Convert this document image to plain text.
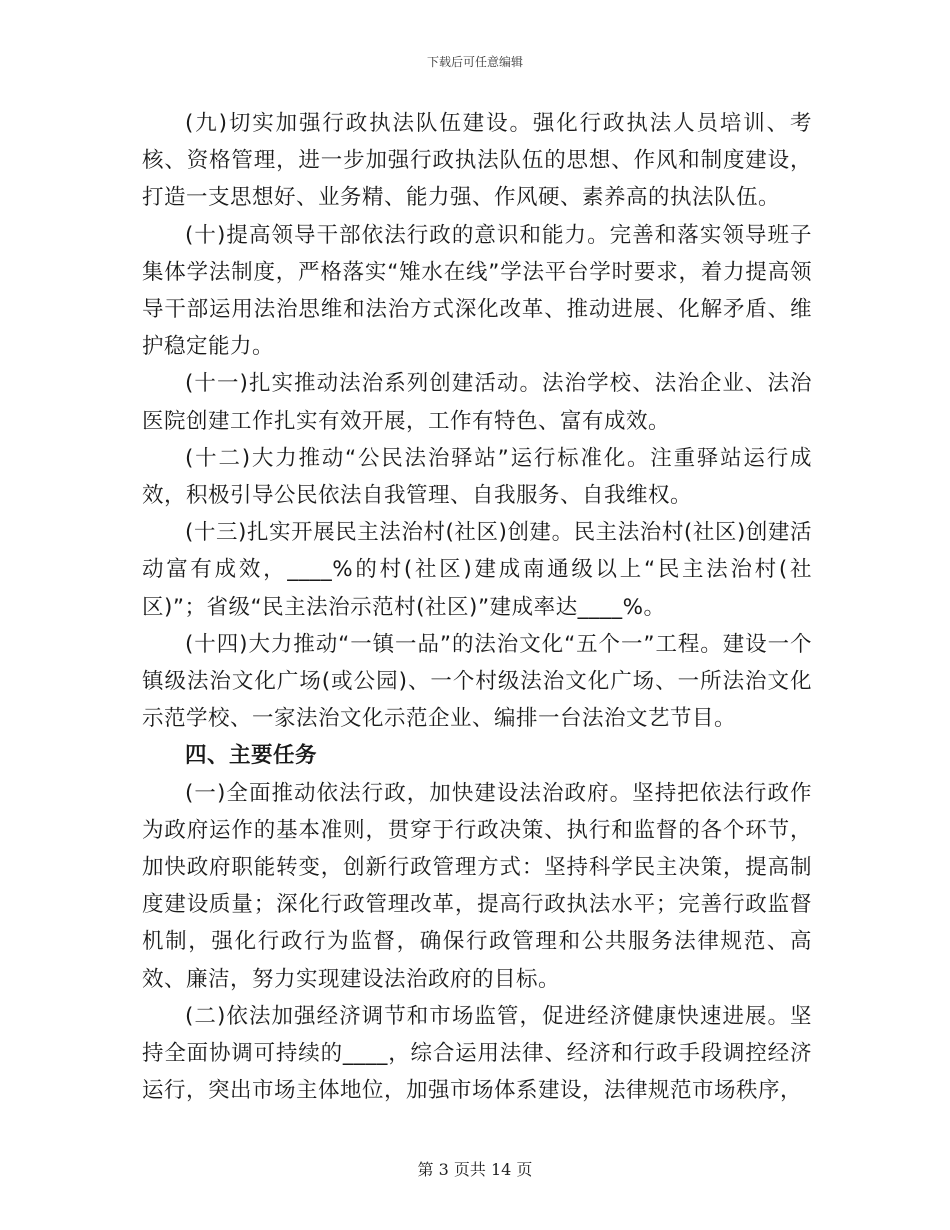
下载后可任意编辑

(九)切实加强行政执法队伍建设。强化行政执法人员培训、考核、资格管理，进一步加强行政执法队伍的思想、作风和制度建设，打造一支思想好、业务精、能力强、作风硬、素养高的执法队伍。

(十)提高领导干部依法行政的意识和能力。完善和落实领导班子集体学法制度，严格落实“雉水在线”学法平台学时要求，着力提高领导干部运用法治思维和法治方式深化改革、推动进展、化解矛盾、维护稳定能力。

(十一)扎实推动法治系列创建活动。法治学校、法治企业、法治医院创建工作扎实有效开展，工作有特色、富有成效。

(十二)大力推动“公民法治驿站”运行标准化。注重驿站运行成效，积极引导公民依法自我管理、自我服务、自我维权。

(十三)扎实开展民主法治村(社区)创建。民主法治村(社区)创建活动富有成效，____%的村(社区)建成南通级以上“民主法治村(社区)”；省级“民主法治示范村(社区)”建成率达____%。

(十四)大力推动“一镇一品”的法治文化“五个一”工程。建设一个镇级法治文化广场(或公园)、一个村级法治文化广场、一所法治文化示范学校、一家法治文化示范企业、编排一台法治文艺节目。

四、主要任务

(一)全面推动依法行政，加快建设法治政府。坚持把依法行政作为政府运作的基本准则，贯穿于行政决策、执行和监督的各个环节，加快政府职能转变，创新行政管理方式：坚持科学民主决策，提高制度建设质量；深化行政管理改革，提高行政执法水平；完善行政监督机制，强化行政行为监督，确保行政管理和公共服务法律规范、高效、廉洁，努力实现建设法治政府的目标。

(二)依法加强经济调节和市场监管，促进经济健康快速进展。坚持全面协调可持续的____，综合运用法律、经济和行政手段调控经济运行，突出市场主体地位，加强市场体系建设，法律规范市场秩序，

第 3 页共 14 页
